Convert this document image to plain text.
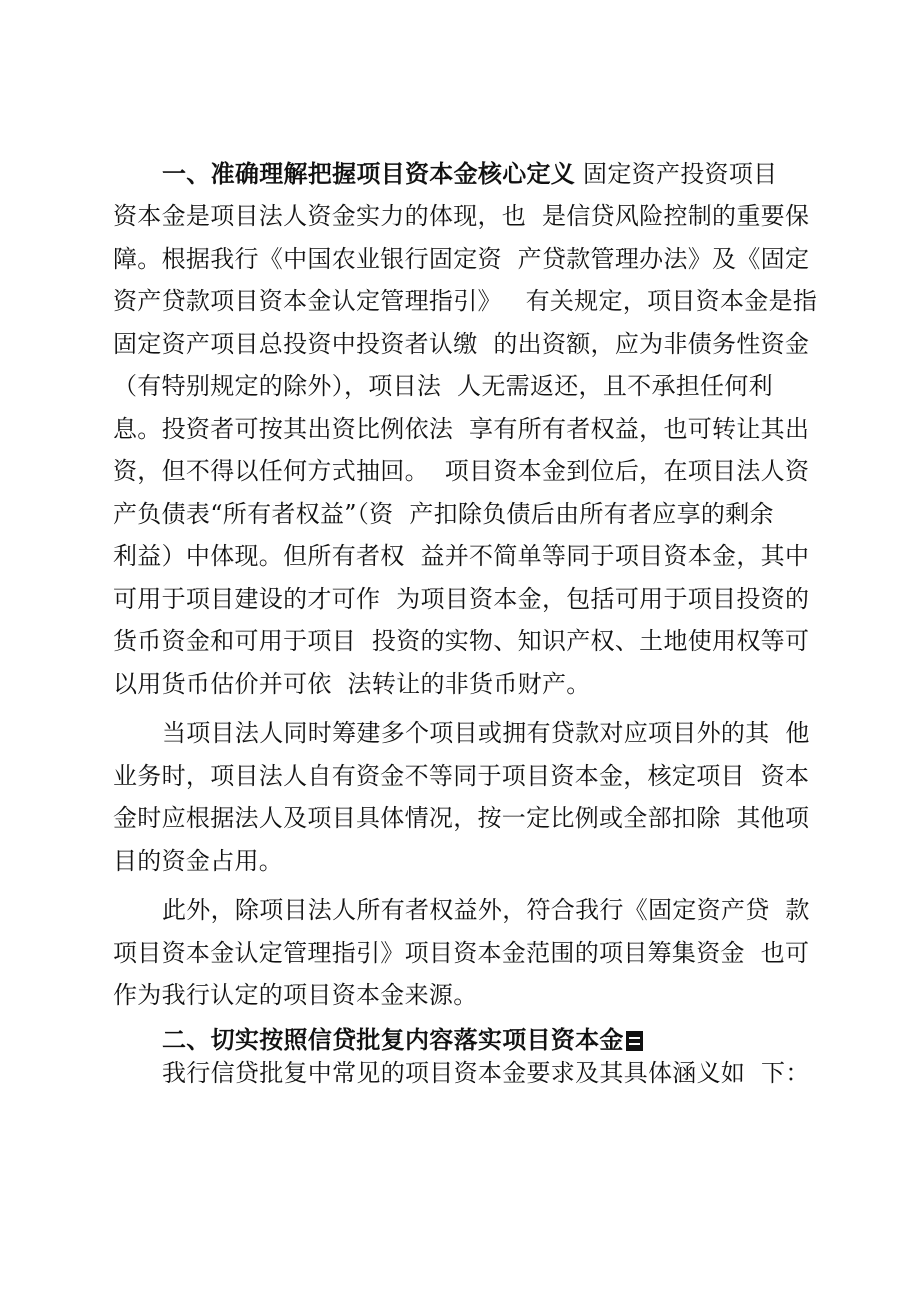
一、准确理解把握项目资本金核心定义 固定资产投资项目
资本金是项目法人资金实力的体现，也  是信贷风险控制的重要保
障。根据我行《中国农业银行固定资  产贷款管理办法》及《固定
资产贷款项目资本金认定管理指引》   有关规定，项目资本金是指
固定资产项目总投资中投资者认缴  的出资额，应为非债务性资金
（有特别规定的除外），项目法  人无需返还，且不承担任何利
息。投资者可按其出资比例依法  享有所有者权益，也可转让其出
资，但不得以任何方式抽回。  项目资本金到位后，在项目法人资
产负债表“所有者权益”（资  产扣除负债后由所有者应享的剩余
利益）中体现。但所有者权  益并不简单等同于项目资本金，其中
可用于项目建设的才可作  为项目资本金，包括可用于项目投资的
货币资金和可用于项目  投资的实物、知识产权、土地使用权等可
以用货币估价并可依  法转让的非货币财产。
当项目法人同时筹建多个项目或拥有贷款对应项目外的其  他
业务时，项目法人自有资金不等同于项目资本金，核定项目  资本
金时应根据法人及项目具体情况，按一定比例或全部扣除  其他项
目的资金占用。
此外，除项目法人所有者权益外，符合我行《固定资产贷  款
项目资本金认定管理指引》项目资本金范围的项目筹集资金  也可
作为我行认定的项目资本金来源。
二、切实按照信贷批复内容落实项目资本金
我行信贷批复中常见的项目资本金要求及其具体涵义如  下：
